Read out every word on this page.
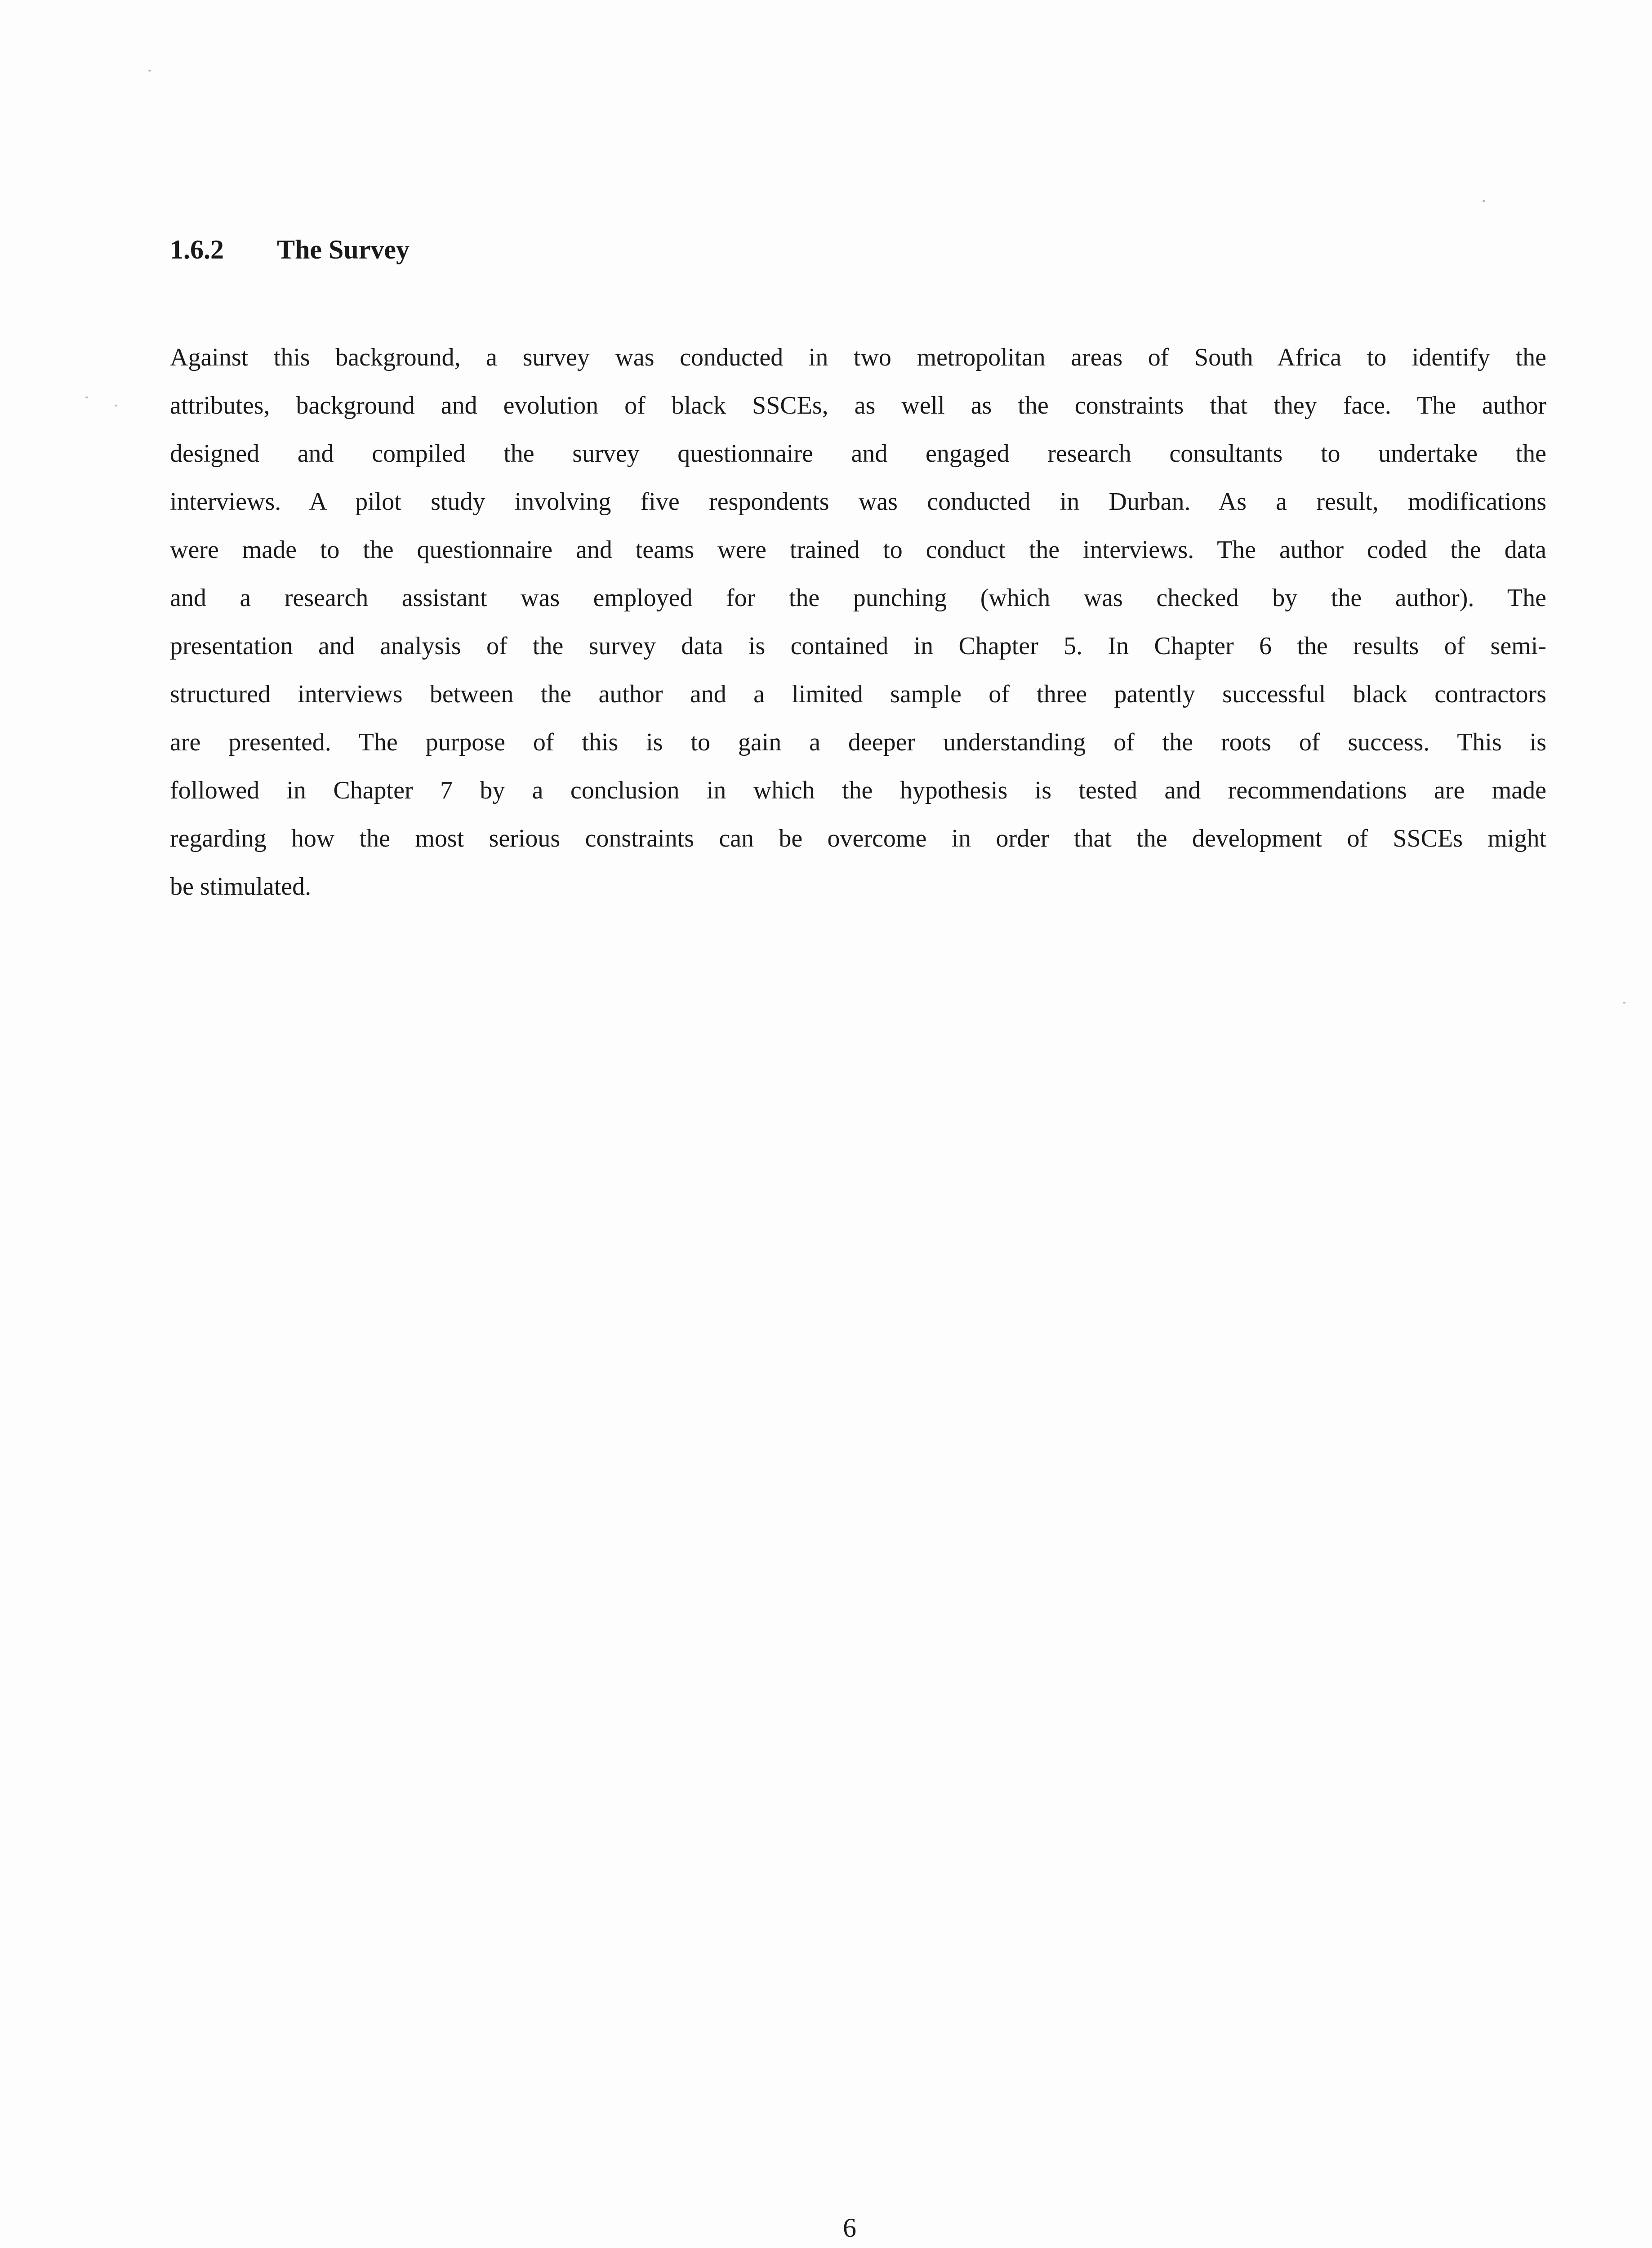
1.6.2 The Survey

Against this background, a survey was conducted in two metropolitan areas of South Africa to identify the
attributes, background and evolution of black SSCEs, as well as the constraints that they face. The author
designed and compiled the survey questionnaire and engaged research consultants to undertake the
interviews. A pilot study involving five respondents was conducted in Durban. As a result, modifications
were made to the questionnaire and teams were trained to conduct the interviews. The author coded the data
and a research assistant was employed for the punching (which was checked by the author). The
presentation and analysis of the survey data is contained in Chapter 5. In Chapter 6 the results of semi-
structured interviews between the author and a limited sample of three patently successful black contractors
are presented. The purpose of this is to gain a deeper understanding of the roots of success. This is
followed in Chapter 7 by a conclusion in which the hypothesis is tested and recommendations are made
regarding how the most serious constraints can be overcome in order that the development of SSCEs might
be stimulated.

6
